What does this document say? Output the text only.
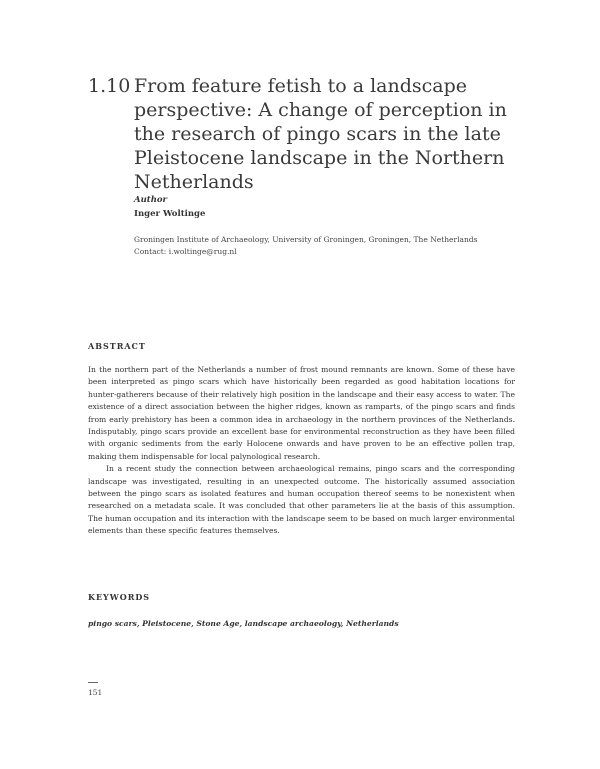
1.10 From feature fetish to a landscape perspective: A change of perception in the research of pingo scars in the late Pleistocene landscape in the Northern Netherlands
Author
Inger Woltinge
Groningen Institute of Archaeology, University of Groningen, Groningen, The Netherlands
Contact: i.woltinge@rug.nl
ABSTRACT

In the northern part of the Netherlands a number of frost mound remnants are known. Some of these have been interpreted as pingo scars which have historically been regarded as good habitation locations for hunter-gatherers because of their relatively high position in the landscape and their easy access to water. The existence of a direct association between the higher ridges, known as ramparts, of the pingo scars and finds from early prehistory has been a common idea in archaeology in the northern provinces of the Netherlands. Indisputably, pingo scars provide an excellent base for environmental reconstruction as they have been filled with organic sediments from the early Holocene onwards and have proven to be an effective pollen trap, making them indispensable for local palynological research.

In a recent study the connection between archaeological remains, pingo scars and the corresponding landscape was investigated, resulting in an unexpected outcome. The historically assumed association between the pingo scars as isolated features and human occupation thereof seems to be nonexistent when researched on a metadata scale. It was concluded that other parameters lie at the basis of this assumption. The human occupation and its interaction with the landscape seem to be based on much larger environmental elements than these specific features themselves.

KEYWORDS
pingo scars, Pleistocene, Stone Age, landscape archaeology, Netherlands
151
